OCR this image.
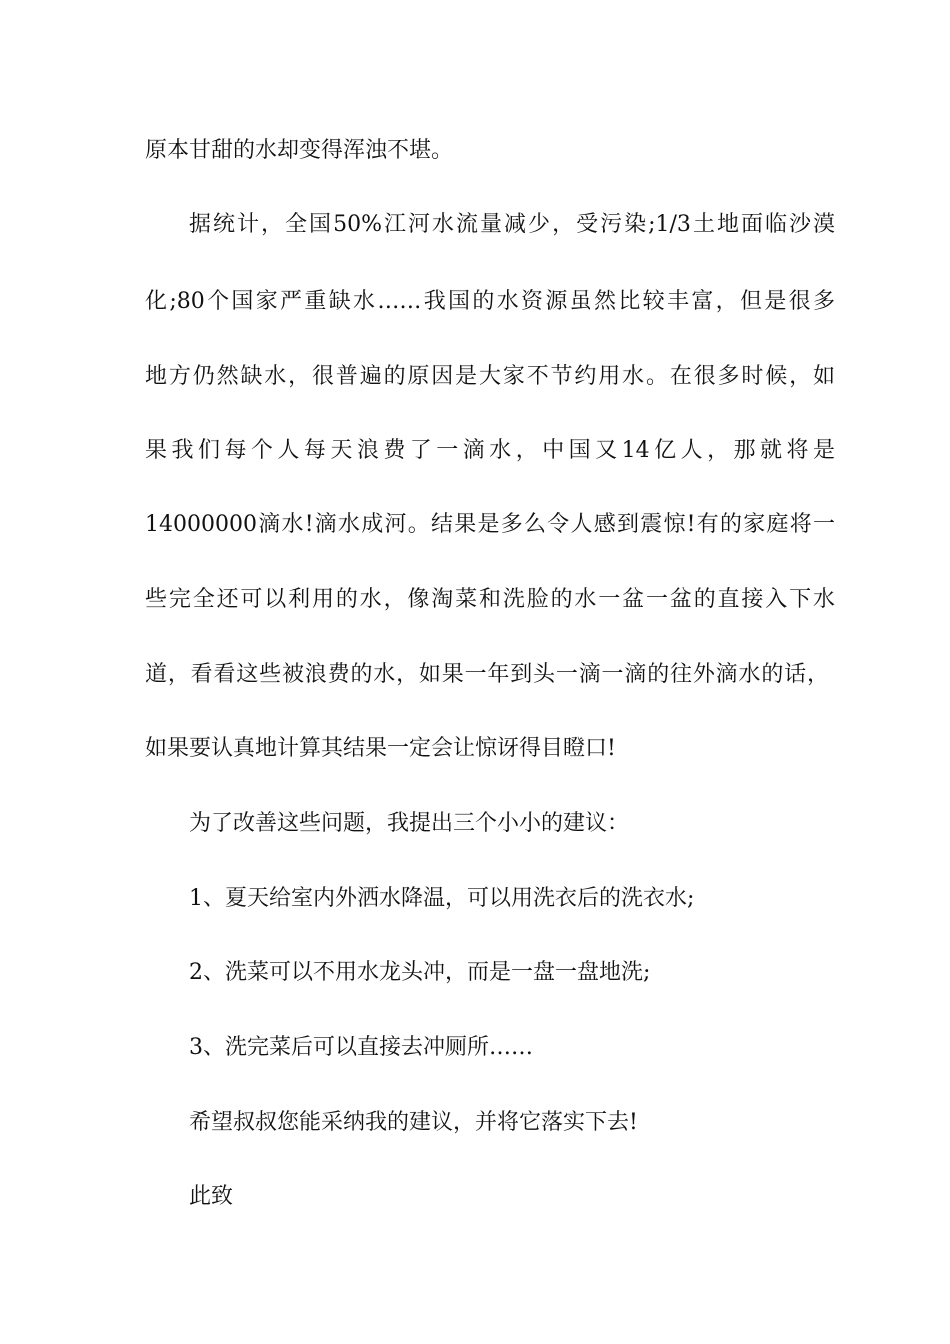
原本甘甜的水却变得浑浊不堪。
据统计，全国50%江河水流量减少，受污染;1/3土地面临沙漠
化;80个国家严重缺水……我国的水资源虽然比较丰富，但是很多
地方仍然缺水，很普遍的原因是大家不节约用水。在很多时候，如
果我们每个人每天浪费了一滴水，中国又14亿人，那就将是
14000000滴水!滴水成河。结果是多么令人感到震惊!有的家庭将一
些完全还可以利用的水，像淘菜和洗脸的水一盆一盆的直接入下水
道，看看这些被浪费的水，如果一年到头一滴一滴的往外滴水的话，
如果要认真地计算其结果一定会让惊讶得目瞪口!
为了改善这些问题，我提出三个小小的建议：
1、夏天给室内外洒水降温，可以用洗衣后的洗衣水;
2、洗菜可以不用水龙头冲，而是一盘一盘地洗;
3、洗完菜后可以直接去冲厕所……
希望叔叔您能采纳我的建议，并将它落实下去!
此致
